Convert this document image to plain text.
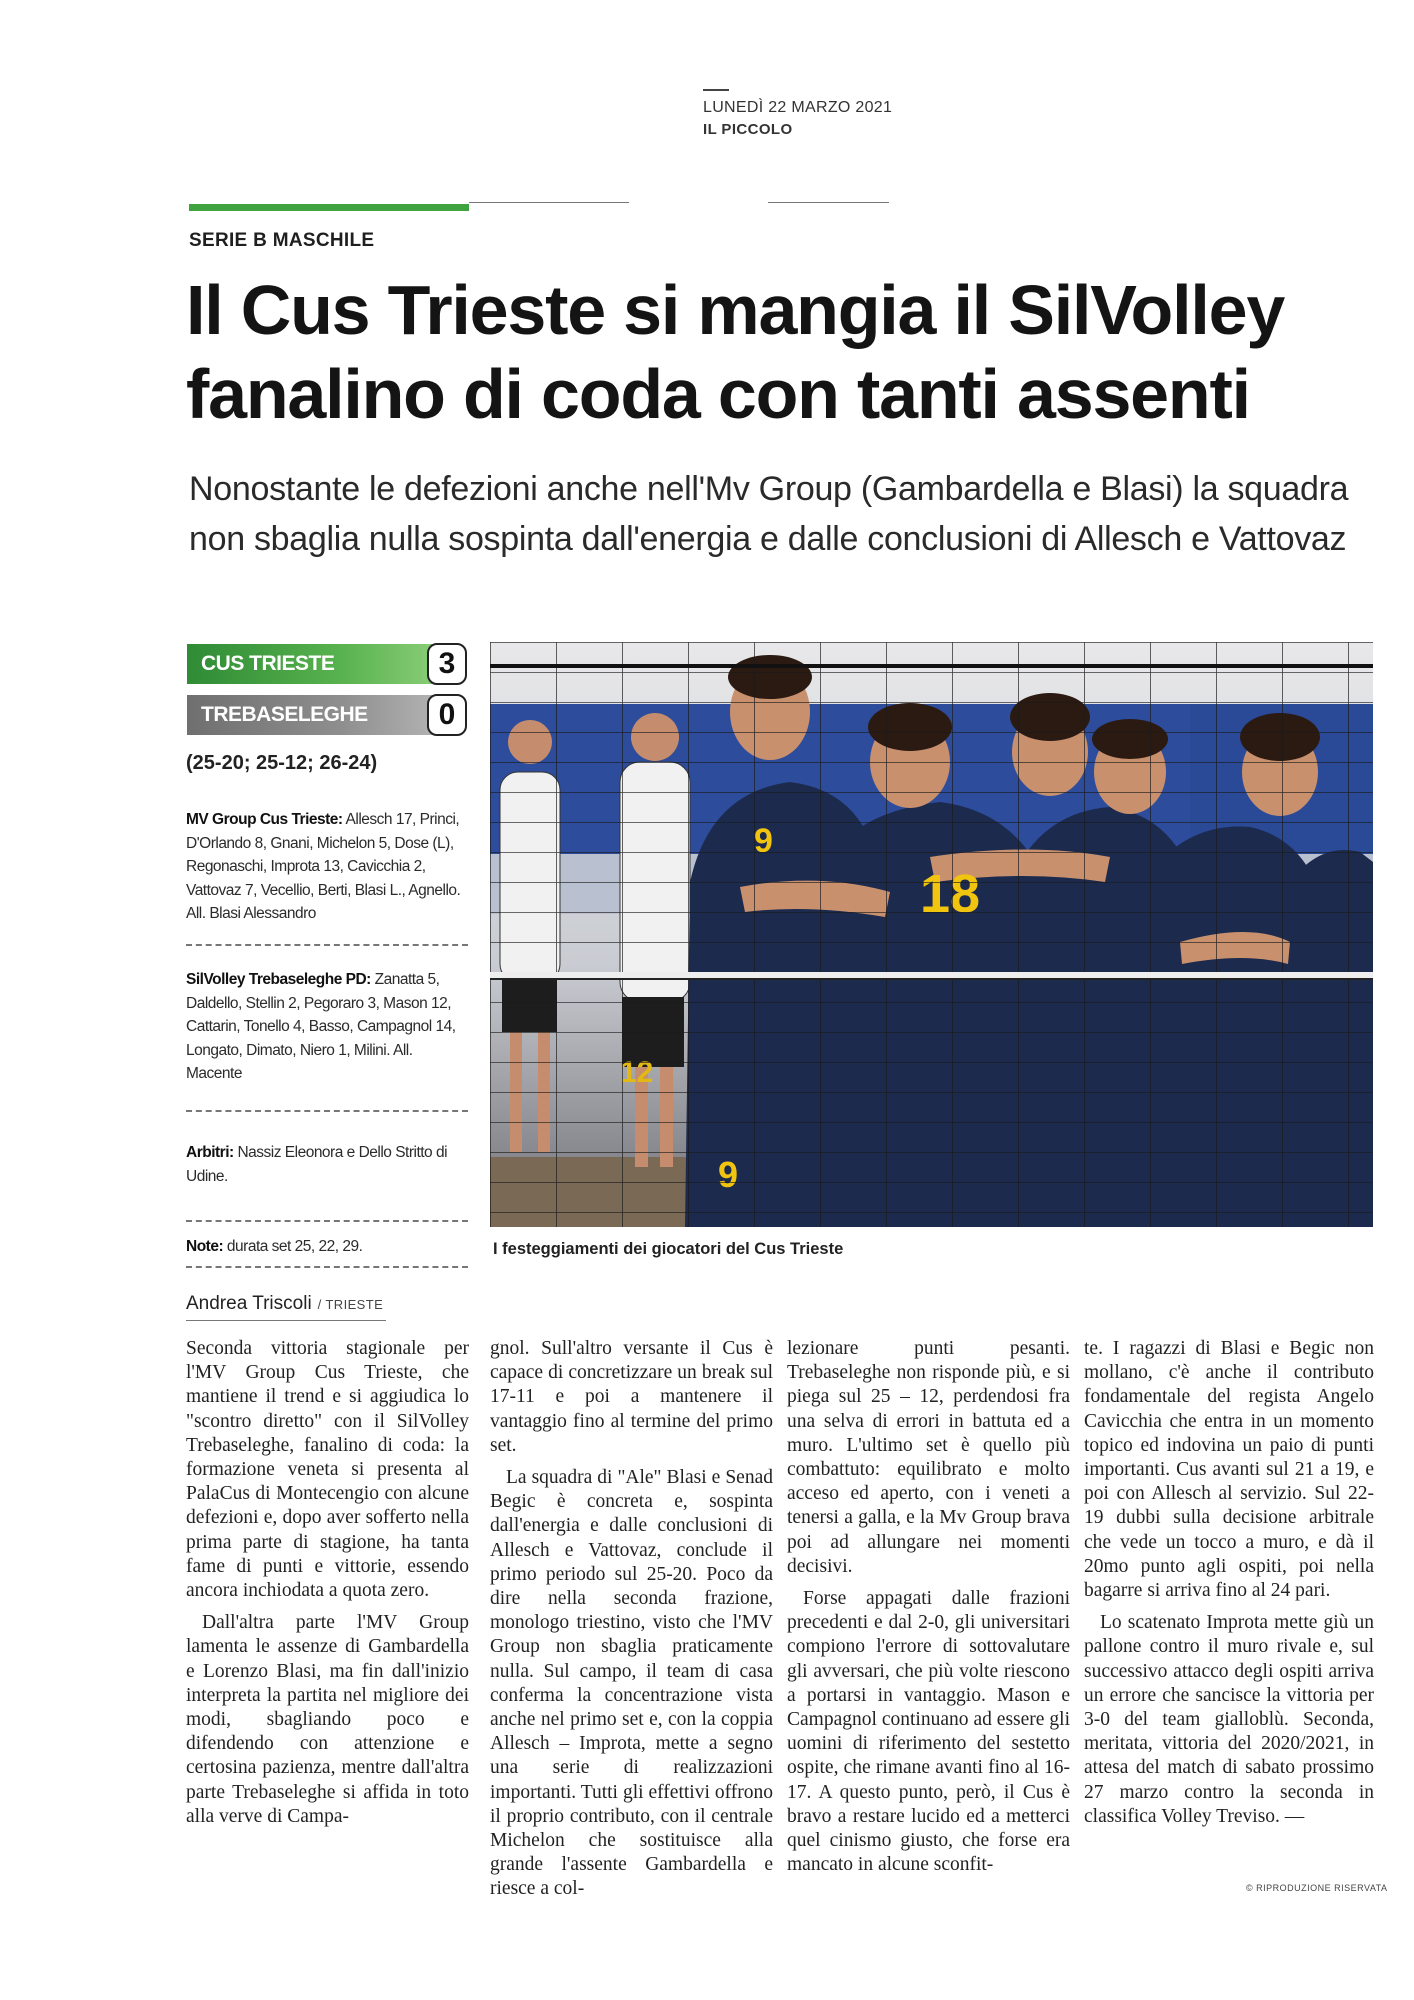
LUNEDÌ 22 MARZO 2021
IL PICCOLO
SERIE B MASCHILE
Il Cus Trieste si mangia il SilVolley
fanalino di coda con tanti assenti
Nonostante le defezioni anche nell'Mv Group (Gambardella e Blasi) la squadra
non sbaglia nulla sospinta dall'energia e dalle conclusioni di Allesch e Vattovaz
CUS TRIESTE	3
TREBASELEGHE	0
(25-20; 25-12; 26-24)
MV Group Cus Trieste: Allesch 17, Princi, D'Orlando 8, Gnani, Michelon 5, Dose (L), Regonaschi, Improta 13, Cavicchia 2, Vattovaz 7, Vecellio, Berti, Blasi L., Agnello. All. Blasi Alessandro
SilVolley Trebaseleghe PD: Zanatta 5, Daldello, Stellin 2, Pegoraro 3, Mason 12, Cattarin, Tonello 4, Basso, Campagnol 14, Longato, Dimato, Niero 1, Milini. All. Macente
Arbitri: Nassiz Eleonora e Dello Stritto di Udine.
Note: durata set 25, 22, 29.	I festeggiamenti dei giocatori del Cus Trieste
Andrea Triscoli / TRIESTE

Seconda vittoria stagionale per l'MV Group Cus Trieste, che mantiene il trend e si aggiudica lo "scontro diretto" con il SilVolley Trebaseleghe, fanalino di coda: la formazione veneta si presenta al PalaCus di Montecengio con alcune defezioni e, dopo aver sofferto nella prima parte di stagione, ha tanta fame di punti e vittorie, essendo ancora inchiodata a quota zero.

Dall'altra parte l'MV Group lamenta le assenze di Gambardella e Lorenzo Blasi, ma fin dall'inizio interpreta la partita nel migliore dei modi, sbagliando poco e difendendo con attenzione e certosina pazienza, mentre dall'altra parte Trebaseleghe si affida in toto alla verve di Campa-

gnol. Sull'altro versante il Cus è capace di concretizzare un break sul 17-11 e poi a mantenere il vantaggio fino al termine del primo set.

La squadra di "Ale" Blasi e Senad Begic è concreta e, sospinta dall'energia e dalle conclusioni di Allesch e Vattovaz, conclude il primo periodo sul 25-20. Poco da dire nella seconda frazione, monologo triestino, visto che l'MV Group non sbaglia praticamente nulla. Sul campo, il team di casa conferma la concentrazione vista anche nel primo set e, con la coppia Allesch – Improta, mette a segno una serie di realizzazioni importanti. Tutti gli effettivi offrono il proprio contributo, con il centrale Michelon che sostituisce alla grande l'assente Gambardella e riesce a col-

lezionare punti pesanti. Trebaseleghe non risponde più, e si piega sul 25 – 12, perdendosi fra una selva di errori in battuta ed a muro. L'ultimo set è quello più combattuto: equilibrato e molto acceso ed aperto, con i veneti a tenersi a galla, e la Mv Group brava poi ad allungare nei momenti decisivi.

Forse appagati dalle frazioni precedenti e dal 2-0, gli universitari compiono l'errore di sottovalutare gli avversari, che più volte riescono a portarsi in vantaggio. Mason e Campagnol continuano ad essere gli uomini di riferimento del sestetto ospite, che rimane avanti fino al 16-17. A questo punto, però, il Cus è bravo a restare lucido ed a metterci quel cinismo giusto, che forse era mancato in alcune sconfit-

te. I ragazzi di Blasi e Begic non mollano, c'è anche il contributo fondamentale del regista Angelo Cavicchia che entra in un momento topico ed indovina un paio di punti importanti. Cus avanti sul 21 a 19, e poi con Allesch al servizio. Sul 22-19 dubbi sulla decisione arbitrale che vede un tocco a muro, e dà il 20mo punto agli ospiti, poi nella bagarre si arriva fino al 24 pari.

Lo scatenato Improta mette giù un pallone contro il muro rivale e, sul successivo attacco degli ospiti arriva un errore che sancisce la vittoria per 3-0 del team gialloblù. Seconda, meritata, vittoria del 2020/2021, in attesa del match di sabato prossimo 27 marzo contro la seconda in classifica Volley Treviso. —

© RIPRODUZIONE RISERVATA
